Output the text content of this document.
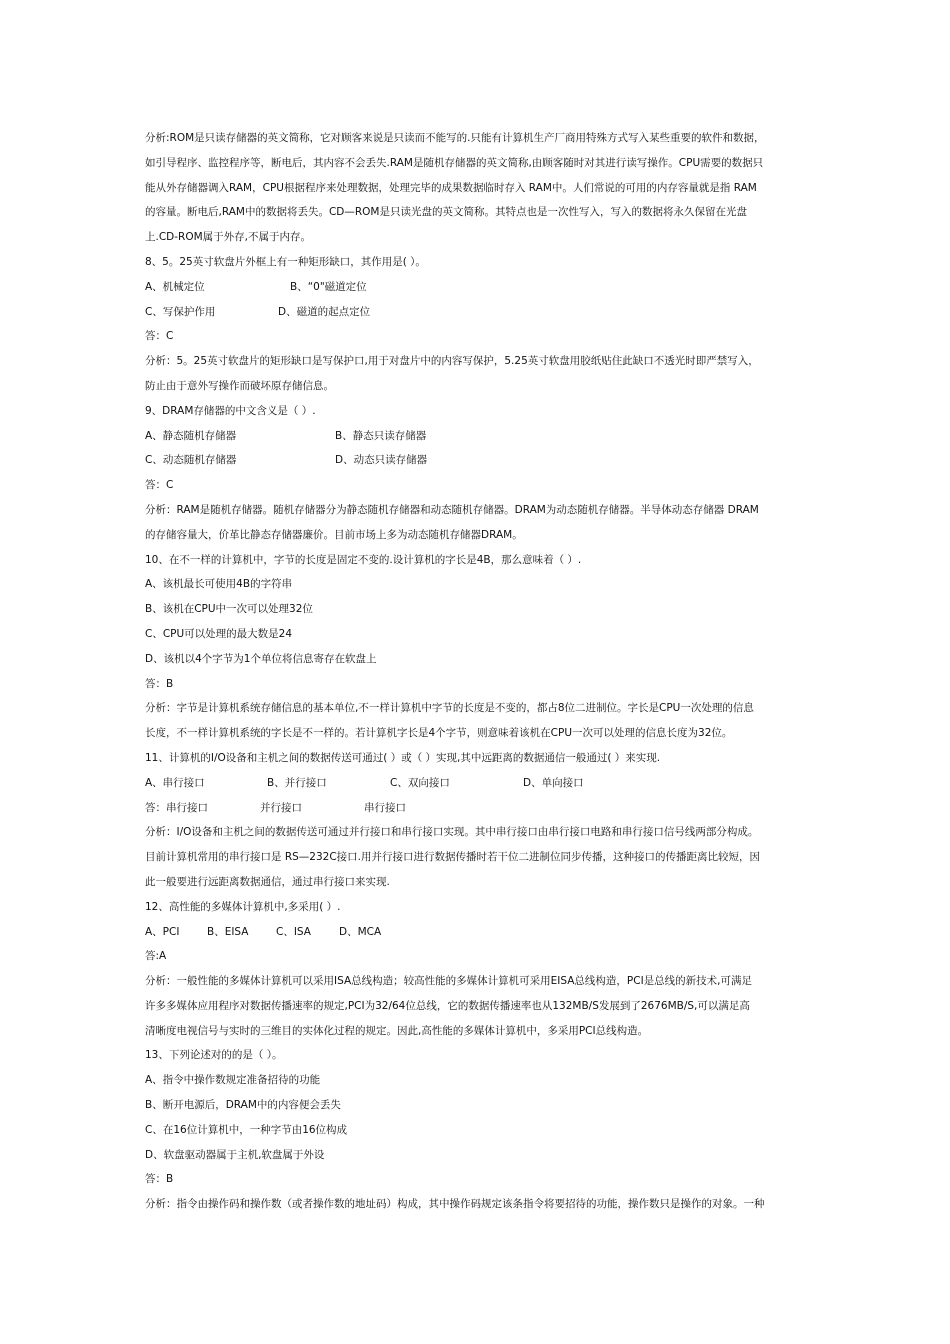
分析:ROM是只读存储器的英文简称，它对顾客来说是只读而不能写的.只能有计算机生产厂商用特殊方式写入某些重要的软件和数据，
如引导程序、监控程序等，断电后，其内容不会丢失.RAM是随机存储器的英文简称,由顾客随时对其进行读写操作。CPU需要的数据只
能从外存储器调入RAM，CPU根据程序来处理数据，处理完毕的成果数据临时存入 RAM中。人们常说的可用的内存容量就是指 RAM
的容量。断电后,RAM中的数据将丢失。CD—ROM是只读光盘的英文简称。其特点也是一次性写入，写入的数据将永久保留在光盘
上.CD-ROM属于外存,不属于内存。
8、5。25英寸软盘片外框上有一种矩形缺口，其作用是( ）。
A、机械定位	B、“0"磁道定位
C、写保护作用	D、磁道的起点定位
答：C
分析：5。25英寸软盘片的矩形缺口是写保护口,用于对盘片中的内容写保护，5.25英寸软盘用胶纸贴住此缺口不透光时即严禁写入，
防止由于意外写操作而破坏原存储信息。
9、DRAM存储器的中文含义是（ ）.
A、静态随机存储器	B、静态只读存储器
C、动态随机存储器	D、动态只读存储器
答：C
分析：RAM是随机存储器。随机存储器分为静态随机存储器和动态随机存储器。DRAM为动态随机存储器。半导体动态存储器 DRAM
的存储容量大，价革比静态存储器廉价。目前市场上多为动态随机存储器DRAM。
10、在不一样的计算机中，字节的长度是固定不变的.设计算机的字长是4B，那么意味着（ ）.
A、该机最长可使用4B的字符串
B、该机在CPU中一次可以处理32位
C、CPU可以处理的最大数是24
D、该机以4个字节为1个单位将信息寄存在软盘上
答：B
分析：字节是计算机系统存储信息的基本单位,不一样计算机中字节的长度是不变的，都占8位二进制位。字长是CPU一次处理的信息
长度，不一样计算机系统的字长是不一样的。若计算机字长是4个字节，则意味着该机在CPU一次可以处理的信息长度为32位。
11、计算机的I/O设备和主机之间的数据传送可通过( ）或（ ）实现,其中远距离的数据通信一般通过( ）来实现.
A、串行接口	B、并行接口	C、双向接口	D、单向接口
答：串行接口	并行接口	串行接口
分析：I/O设备和主机之间的数据传送可通过并行接口和串行接口实现。其中串行接口由串行接口电路和串行接口信号线两部分构成。
目前计算机常用的串行接口是 RS—232C接口.用并行接口进行数据传播时若干位二进制位同步传播，这种接口的传播距离比较短，因
此一般要进行远距离数据通信，通过串行接口来实现.
12、高性能的多媒体计算机中,多采用( ）.
A、PCI	B、EISA	C、ISA	D、MCA
答:A
分析：一般性能的多媒体计算机可以采用ISA总线构造；较高性能的多媒体计算机可采用EISA总线构造，PCI是总线的新技术,可满足
许多多媒体应用程序对数据传播速率的规定,PCI为32/64位总线，它的数据传播速率也从132MB/S发展到了2676MB/S,可以满足高
清晰度电视信号与实时的三维目的实体化过程的规定。因此,高性能的多媒体计算机中，多采用PCI总线构造。
13、下列论述对的的是（ ）。
A、指令中操作数规定准备招待的功能
B、断开电源后，DRAM中的内容便会丢失
C、在16位计算机中，一种字节由16位构成
D、软盘驱动器属于主机,软盘属于外设
答：B
分析：指令由操作码和操作数（或者操作数的地址码）构成，其中操作码规定该条指令将要招待的功能，操作数只是操作的对象。一种
